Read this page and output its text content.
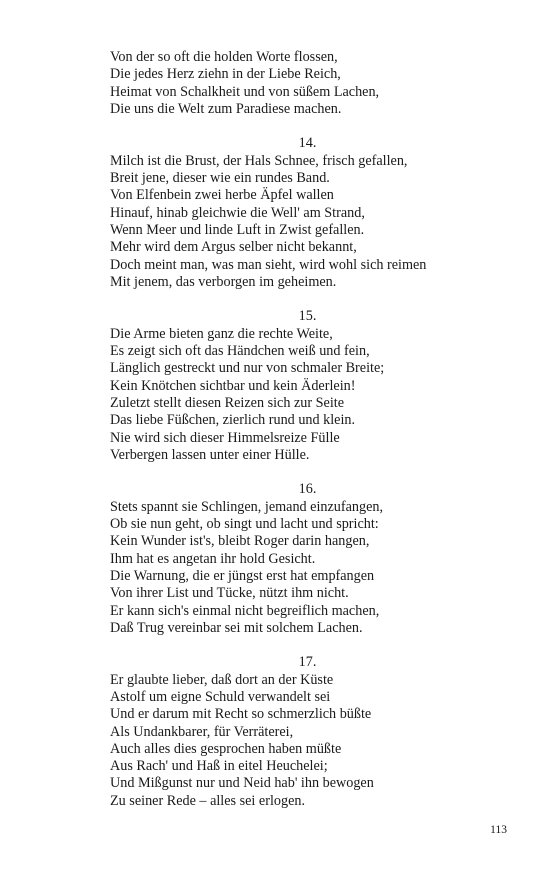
Von der so oft die holden Worte flossen,
Die jedes Herz ziehn in der Liebe Reich,
Heimat von Schalkheit und von süßem Lachen,
Die uns die Welt zum Paradiese machen.
14.
Milch ist die Brust, der Hals Schnee, frisch gefallen,
Breit jene, dieser wie ein rundes Band.
Von Elfenbein zwei herbe Äpfel wallen
Hinauf, hinab gleichwie die Well' am Strand,
Wenn Meer und linde Luft in Zwist gefallen.
Mehr wird dem Argus selber nicht bekannt,
Doch meint man, was man sieht, wird wohl sich reimen
Mit jenem, das verborgen im geheimen.
15.
Die Arme bieten ganz die rechte Weite,
Es zeigt sich oft das Händchen weiß und fein,
Länglich gestreckt und nur von schmaler Breite;
Kein Knötchen sichtbar und kein Äderlein!
Zuletzt stellt diesen Reizen sich zur Seite
Das liebe Füßchen, zierlich rund und klein.
Nie wird sich dieser Himmelsreize Fülle
Verbergen lassen unter einer Hülle.
16.
Stets spannt sie Schlingen, jemand einzufangen,
Ob sie nun geht, ob singt und lacht und spricht:
Kein Wunder ist's, bleibt Roger darin hangen,
Ihm hat es angetan ihr hold Gesicht.
Die Warnung, die er jüngst erst hat empfangen
Von ihrer List und Tücke, nützt ihm nicht.
Er kann sich's einmal nicht begreiflich machen,
Daß Trug vereinbar sei mit solchem Lachen.
17.
Er glaubte lieber, daß dort an der Küste
Astolf um eigne Schuld verwandelt sei
Und er darum mit Recht so schmerzlich büßte
Als Undankbarer, für Verräterei,
Auch alles dies gesprochen haben müßte
Aus Rach' und Haß in eitel Heuchelei;
Und Mißgunst nur und Neid hab' ihn bewogen
Zu seiner Rede – alles sei erlogen.
113
